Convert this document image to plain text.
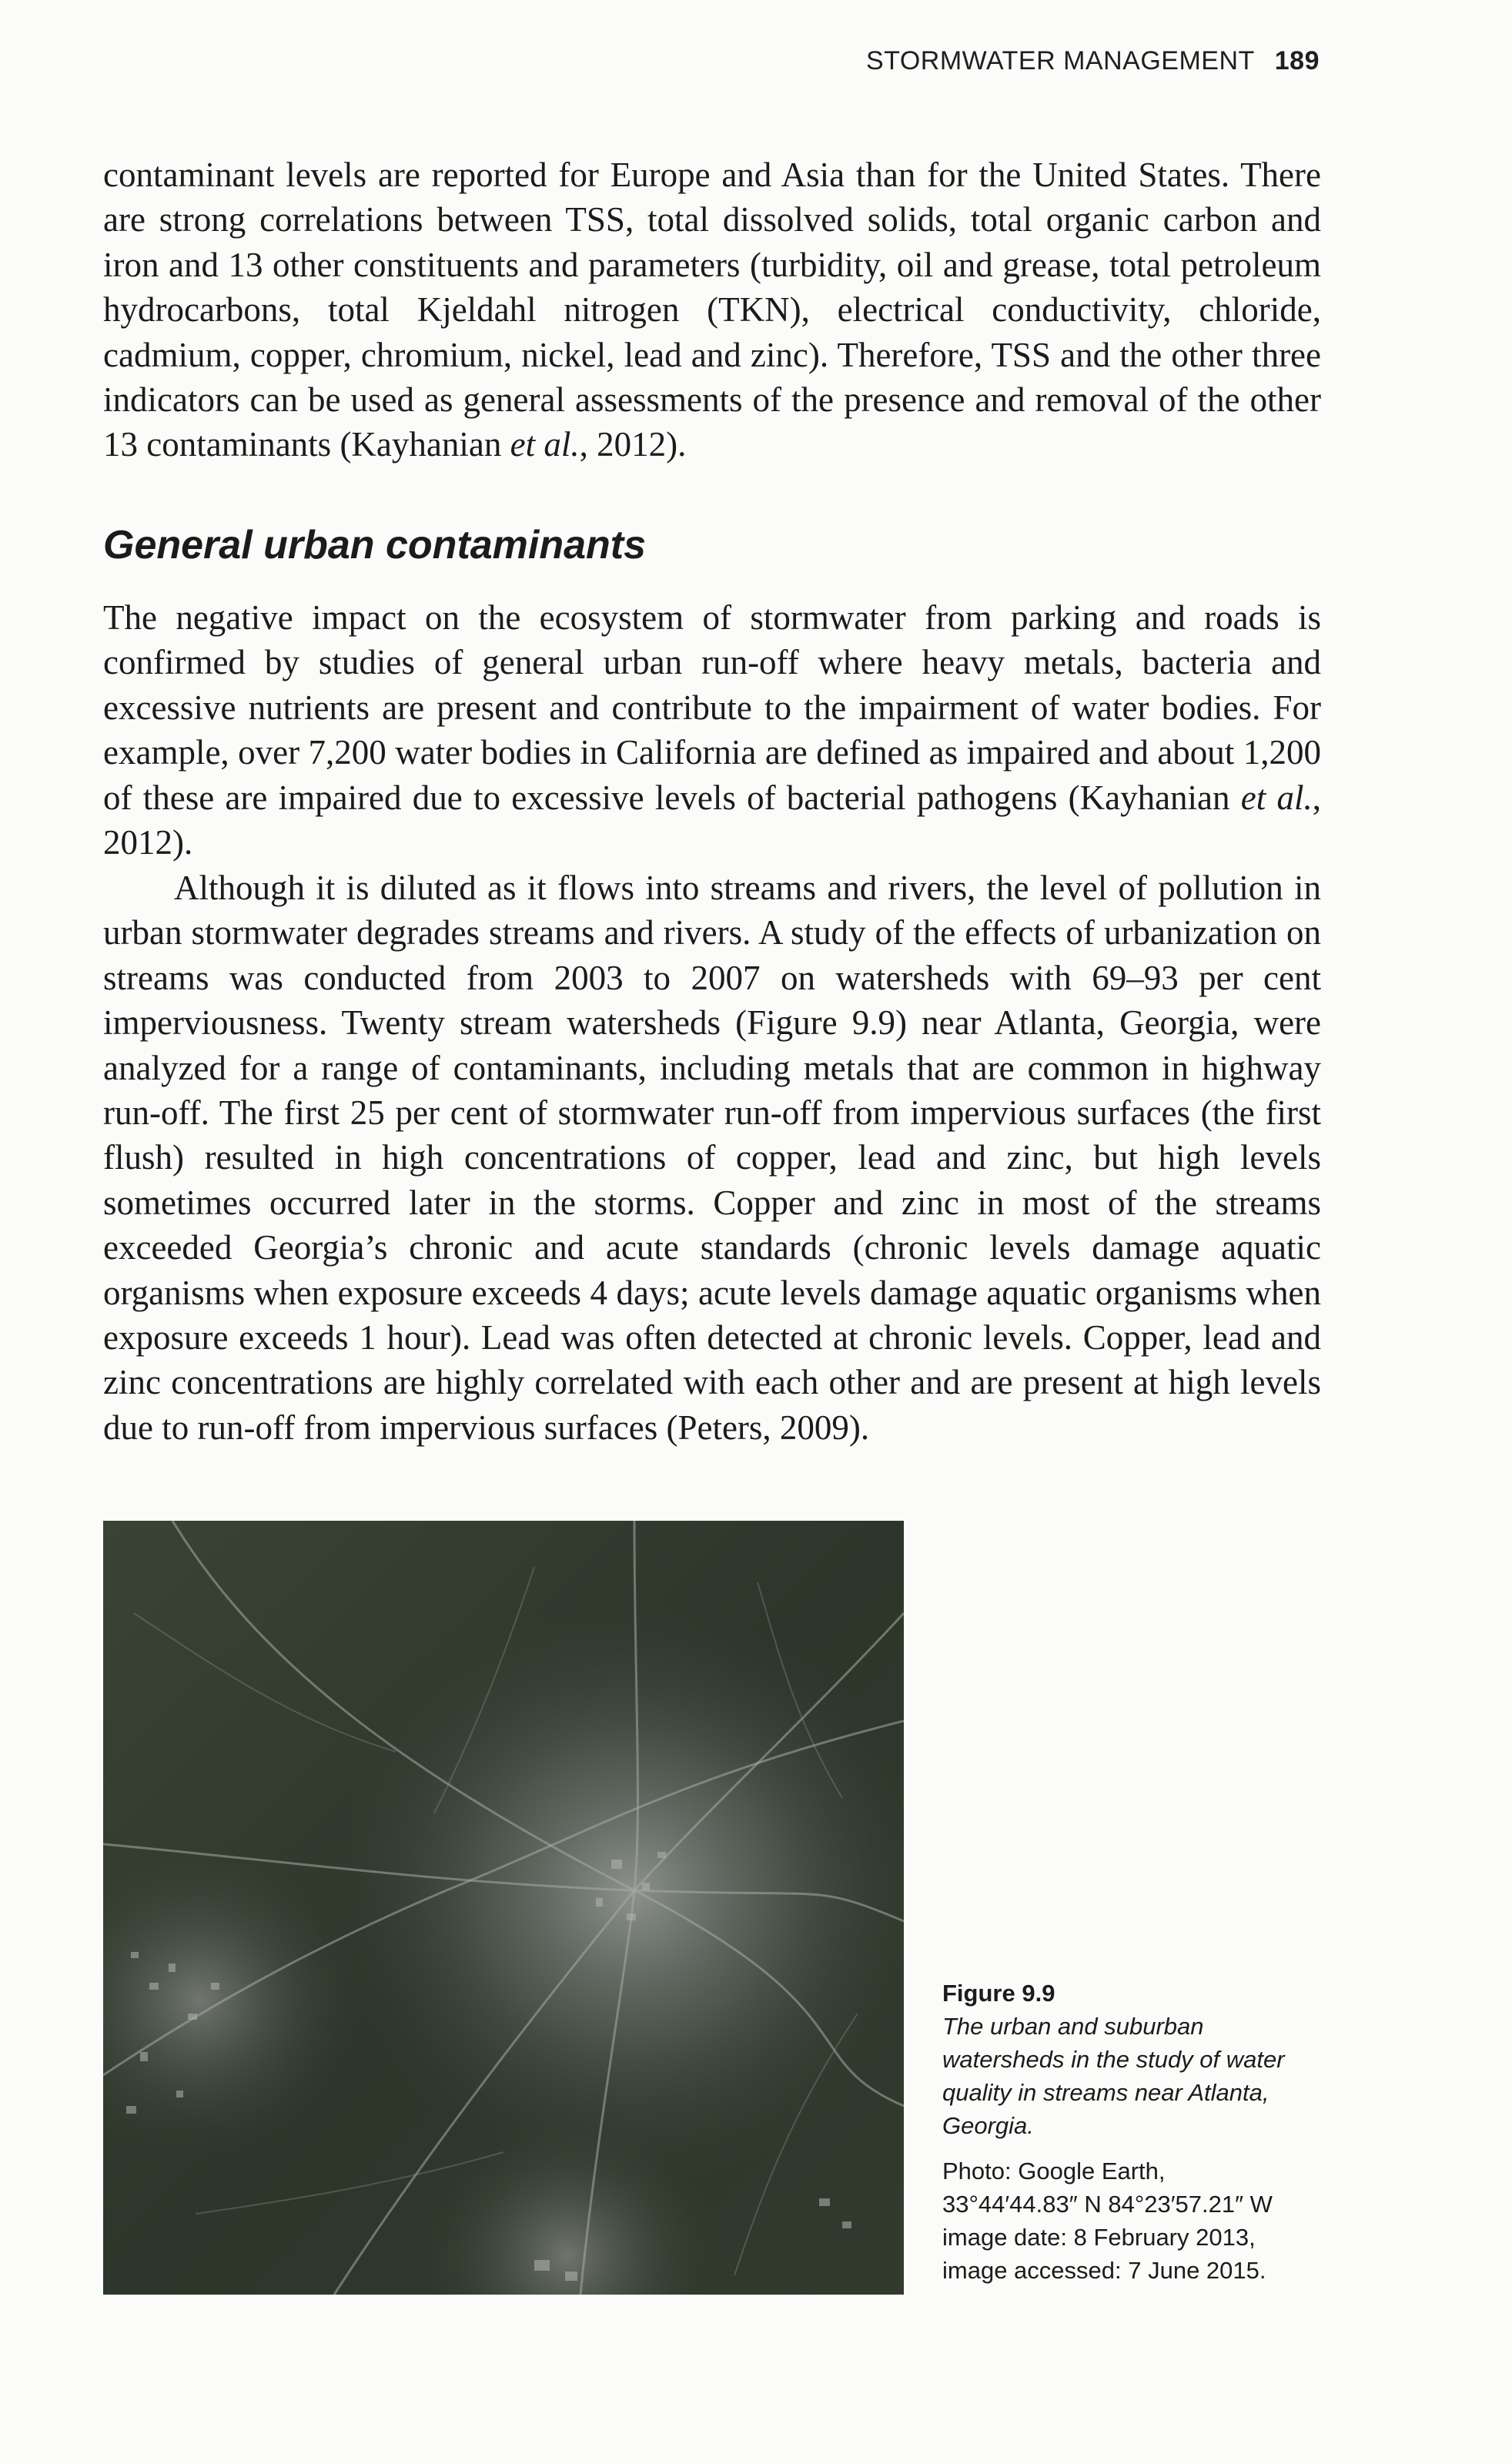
STORMWATER MANAGEMENT 189

contaminant levels are reported for Europe and Asia than for the United States. There are strong correlations between TSS, total dissolved solids, total organic carbon and iron and 13 other constituents and parameters (turbidity, oil and grease, total petroleum hydrocarbons, total Kjeldahl nitrogen (TKN), electrical conductivity, chloride, cadmium, copper, chromium, nickel, lead and zinc). Therefore, TSS and the other three indicators can be used as general assessments of the presence and removal of the other 13 contaminants (Kayhanian et al., 2012).

General urban contaminants

The negative impact on the ecosystem of stormwater from parking and roads is confirmed by studies of general urban run-off where heavy metals, bacteria and excessive nutrients are present and contribute to the impairment of water bodies. For example, over 7,200 water bodies in California are defined as impaired and about 1,200 of these are impaired due to excessive levels of bacterial pathogens (Kayhanian et al., 2012).

Although it is diluted as it flows into streams and rivers, the level of pollution in urban stormwater degrades streams and rivers. A study of the effects of urbanization on streams was conducted from 2003 to 2007 on watersheds with 69–93 per cent imperviousness. Twenty stream watersheds (Figure 9.9) near Atlanta, Georgia, were analyzed for a range of contaminants, including metals that are common in highway run-off. The first 25 per cent of stormwater run-off from impervious surfaces (the first flush) resulted in high concentrations of copper, lead and zinc, but high levels sometimes occurred later in the storms. Copper and zinc in most of the streams exceeded Georgia’s chronic and acute standards (chronic levels damage aquatic organisms when exposure exceeds 4 days; acute levels damage aquatic organisms when exposure exceeds 1 hour). Lead was often detected at chronic levels. Copper, lead and zinc concentrations are highly correlated with each other and are present at high levels due to run-off from impervious surfaces (Peters, 2009).

Figure 9.9
The urban and suburban watersheds in the study of water quality in streams near Atlanta, Georgia.
Photo: Google Earth,
33°44′44.83″ N 84°23′57.21″ W
image date: 8 February 2013,
image accessed: 7 June 2015.
